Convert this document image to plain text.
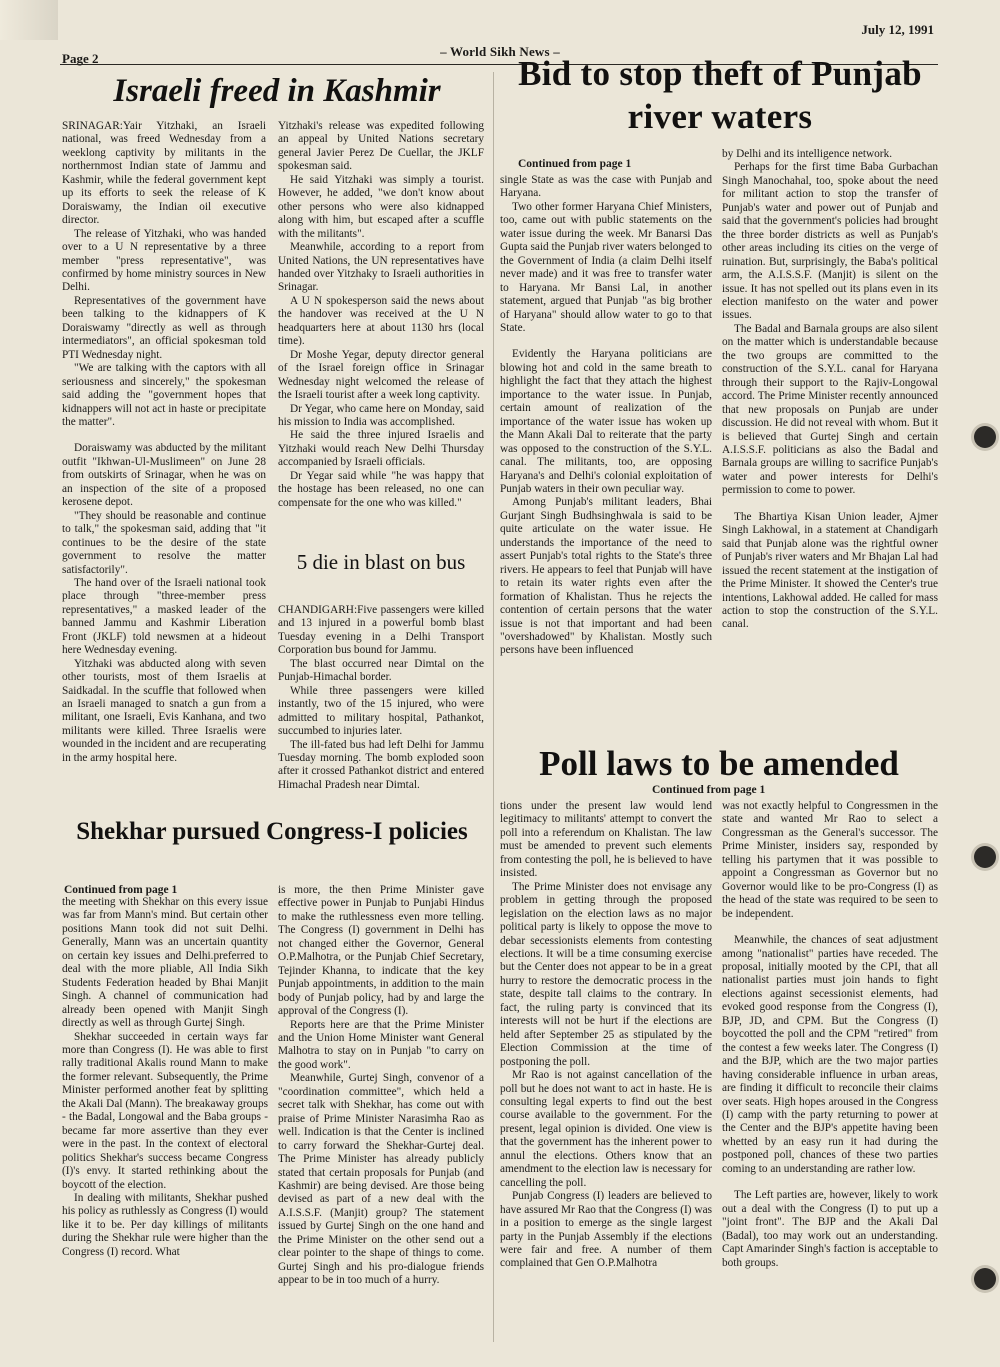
July 12, 1991
– World Sikh News –
Page 2
Israeli freed in Kashmir

SRINAGAR:Yair Yitzhaki, an Israeli national, was freed Wednesday from a weeklong captivity by militants in the northernmost Indian state of Jammu and Kashmir, while the federal government kept up its efforts to seek the release of K Doraiswamy, the Indian oil executive director.

The release of Yitzhaki, who was handed over to a U N representative by a three member "press representative", was confirmed by home ministry sources in New Delhi.

Representatives of the government have been talking to the kidnappers of K Doraiswamy "directly as well as through intermediators", an official spokesman told PTI Wednesday night.

"We are talking with the captors with all seriousness and sincerely," the spokesman said adding the "government hopes that kidnappers will not act in haste or precipitate the matter".

Doraiswamy was abducted by the militant outfit "Ikhwan-Ul-Muslimeen" on June 28 from outskirts of Srinagar, when he was on an inspection of the site of a proposed kerosene depot.

"They should be reasonable and continue to talk," the spokesman said, adding that "it continues to be the desire of the state government to resolve the matter satisfactorily".

The hand over of the Israeli national took place through "three-member press representatives," a masked leader of the banned Jammu and Kashmir Liberation Front (JKLF) told newsmen at a hideout here Wednesday evening.

Yitzhaki was abducted along with seven other tourists, most of them Israelis at Saidkadal. In the scuffle that followed when an Israeli managed to snatch a gun from a militant, one Israeli, Evis Kanhana, and two militants were killed. Three Israelis were wounded in the incident and are recuperating in the army hospital here.

Yitzhaki's release was expedited following an appeal by United Nations secretary general Javier Perez De Cuellar, the JKLF spokesman said.

He said Yitzhaki was simply a tourist. However, he added, "we don't know about other persons who were also kidnapped along with him, but escaped after a scuffle with the militants".

Meanwhile, according to a report from United Nations, the UN representatives have handed over Yitzhaky to Israeli authorities in Srinagar.

A U N spokesperson said the news about the handover was received at the U N headquarters here at about 1130 hrs (local time).

Dr Moshe Yegar, deputy director general of the Israel foreign office in Srinagar Wednesday night welcomed the release of the Israeli tourist after a week long captivity.

Dr Yegar, who came here on Monday, said his mission to India was accomplished.

He said the three injured Israelis and Yitzhaki would reach New Delhi Thursday accompanied by Israeli officials.

Dr Yegar said while "he was happy that the hostage has been released, no one can compensate for the one who was killed."

5 die in blast on bus

CHANDIGARH:Five passengers were killed and 13 injured in a powerful bomb blast Tuesday evening in a Delhi Transport Corporation bus bound for Jammu.

The blast occurred near Dimtal on the Punjab-Himachal border.

While three passengers were killed instantly, two of the 15 injured, who were admitted to military hospital, Pathankot, succumbed to injuries later.

The ill-fated bus had left Delhi for Jammu Tuesday morning. The bomb exploded soon after it crossed Pathankot district and entered Himachal Pradesh near Dimtal.

Bid to stop theft of Punjab river waters
Continued from page 1

single State as was the case with Punjab and Haryana.

Two other former Haryana Chief Ministers, too, came out with public statements on the water issue during the week. Mr Banarsi Das Gupta said the Punjab river waters belonged to the Government of India (a claim Delhi itself never made) and it was free to transfer water to Haryana. Mr Bansi Lal, in another statement, argued that Punjab "as big brother of Haryana" should allow water to go to that State.

Evidently the Haryana politicians are blowing hot and cold in the same breath to highlight the fact that they attach the highest importance to the water issue. In Punjab, certain amount of realization of the importance of the water issue has woken up the Mann Akali Dal to reiterate that the party was opposed to the construction of the S.Y.L. canal. The militants, too, are opposing Haryana's and Delhi's colonial exploitation of Punjab waters in their own peculiar way.

Among Punjab's militant leaders, Bhai Gurjant Singh Budhsinghwala is said to be quite articulate on the water issue. He understands the importance of the need to assert Punjab's total rights to the State's three rivers. He appears to feel that Punjab will have to retain its water rights even after the formation of Khalistan. Thus he rejects the contention of certain persons that the water issue is not that important and had been "overshadowed" by Khalistan. Mostly such persons have been influenced

by Delhi and its intelligence network.

Perhaps for the first time Baba Gurbachan Singh Manochahal, too, spoke about the need for militant action to stop the transfer of Punjab's water and power out of Punjab and said that the government's policies had brought the three border districts as well as Punjab's other areas including its cities on the verge of ruination. But, surprisingly, the Baba's political arm, the A.I.S.S.F. (Manjit) is silent on the issue. It has not spelled out its plans even in its election manifesto on the water and power issues.

The Badal and Barnala groups are also silent on the matter which is understandable because the two groups are committed to the construction of the S.Y.L. canal for Haryana through their support to the Rajiv-Longowal accord. The Prime Minister recently announced that new proposals on Punjab are under discussion. He did not reveal with whom. But it is believed that Gurtej Singh and certain A.I.S.S.F. politicians as also the Badal and Barnala groups are willing to sacrifice Punjab's water and power interests for Delhi's permission to come to power.

The Bhartiya Kisan Union leader, Ajmer Singh Lakhowal, in a statement at Chandigarh said that Punjab alone was the rightful owner of Punjab's river waters and Mr Bhajan Lal had issued the recent statement at the instigation of the Prime Minister. It showed the Center's true intentions, Lakhowal added. He called for mass action to stop the construction of the S.Y.L. canal.

Poll laws to be amended
Continued from page 1

tions under the present law would lend legitimacy to militants' attempt to convert the poll into a referendum on Khalistan. The law must be amended to prevent such elements from contesting the poll, he is believed to have insisted.

The Prime Minister does not envisage any problem in getting through the proposed legislation on the election laws as no major political party is likely to oppose the move to debar secessionists elements from contesting elections. It will be a time consuming exercise but the Center does not appear to be in a great hurry to restore the democratic process in the state, despite tall claims to the contrary. In fact, the ruling party is convinced that its interests will not be hurt if the elections are held after September 25 as stipulated by the Election Commission at the time of postponing the poll.

Mr Rao is not against cancellation of the poll but he does not want to act in haste. He is consulting legal experts to find out the best course available to the government. For the present, legal opinion is divided. One view is that the government has the inherent power to annul the elections. Others know that an amendment to the election law is necessary for cancelling the poll.

Punjab Congress (I) leaders are believed to have assured Mr Rao that the Congress (I) was in a position to emerge as the single largest party in the Punjab Assembly if the elections were fair and free. A number of them complained that Gen O.P.Malhotra

was not exactly helpful to Congressmen in the state and wanted Mr Rao to select a Congressman as the General's successor. The Prime Minister, insiders say, responded by telling his partymen that it was possible to appoint a Congressman as Governor but no Governor would like to be pro-Congress (I) as the head of the state was required to be seen to be independent.

Meanwhile, the chances of seat adjustment among "nationalist" parties have receded. The proposal, initially mooted by the CPI, that all nationalist parties must join hands to fight elections against secessionist elements, had evoked good response from the Congress (I), BJP, JD, and CPM. But the Congress (I) boycotted the poll and the CPM "retired" from the contest a few weeks later. The Congress (I) and the BJP, which are the two major parties having considerable influence in urban areas, are finding it difficult to reconcile their claims over seats. High hopes aroused in the Congress (I) camp with the party returning to power at the Center and the BJP's appetite having been whetted by an easy run it had during the postponed poll, chances of these two parties coming to an understanding are rather low.

The Left parties are, however, likely to work out a deal with the Congress (I) to put up a "joint front". The BJP and the Akali Dal (Badal), too may work out an understanding. Capt Amarinder Singh's faction is acceptable to both groups.

Shekhar pursued Congress-I policies
Continued from page 1

the meeting with Shekhar on this every issue was far from Mann's mind. But certain other positions Mann took did not suit Delhi. Generally, Mann was an uncertain quantity on certain key issues and Delhi.preferred to deal with the more pliable, All India Sikh Students Federation headed by Bhai Manjit Singh. A channel of communication had already been opened with Manjit Singh directly as well as through Gurtej Singh.

Shekhar succeeded in certain ways far more than Congress (I). He was able to first rally traditional Akalis round Mann to make the former relevant. Subsequently, the Prime Minister performed another feat by splitting the Akali Dal (Mann). The breakaway groups - the Badal, Longowal and the Baba groups - became far more assertive than they ever were in the past. In the context of electoral politics Shekhar's success became Congress (I)'s envy. It started rethinking about the boycott of the election.

In dealing with militants, Shekhar pushed his policy as ruthlessly as Congress (I) would like it to be. Per day killings of militants during the Shekhar rule were higher than the Congress (I) record. What

is more, the then Prime Minister gave effective power in Punjab to Punjabi Hindus to make the ruthlessness even more telling. The Congress (I) government in Delhi has not changed either the Governor, General O.P.Malhotra, or the Punjab Chief Secretary, Tejinder Khanna, to indicate that the key Punjab appointments, in addition to the main body of Punjab policy, had by and large the approval of the Congress (I).

Reports here are that the Prime Minister and the Union Home Minister want General Malhotra to stay on in Punjab "to carry on the good work".

Meanwhile, Gurtej Singh, convenor of a "coordination committee", which held a secret talk with Shekhar, has come out with praise of Prime Minister Narasimha Rao as well. Indication is that the Center is inclined to carry forward the Shekhar-Gurtej deal. The Prime Minister has already publicly stated that certain proposals for Punjab (and Kashmir) are being devised. Are those being devised as part of a new deal with the A.I.S.S.F. (Manjit) group? The statement issued by Gurtej Singh on the one hand and the Prime Minister on the other send out a clear pointer to the shape of things to come. Gurtej Singh and his pro-dialogue friends appear to be in too much of a hurry.
